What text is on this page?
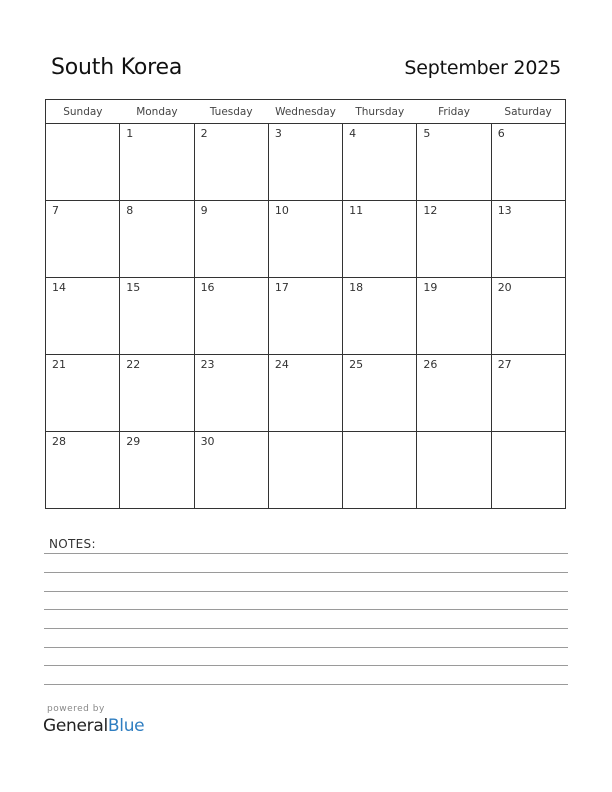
South Korea	September 2025
Sunday	Monday	Tuesday	Wednesday	Thursday	Friday	Saturday

	1	2	3	4	5	6

7	8	9	10	11	12	13

14	15	16	17	18	19	20

21	22	23	24	25	26	27

28	29	30				

NOTES:
powered by
GeneralBlue
